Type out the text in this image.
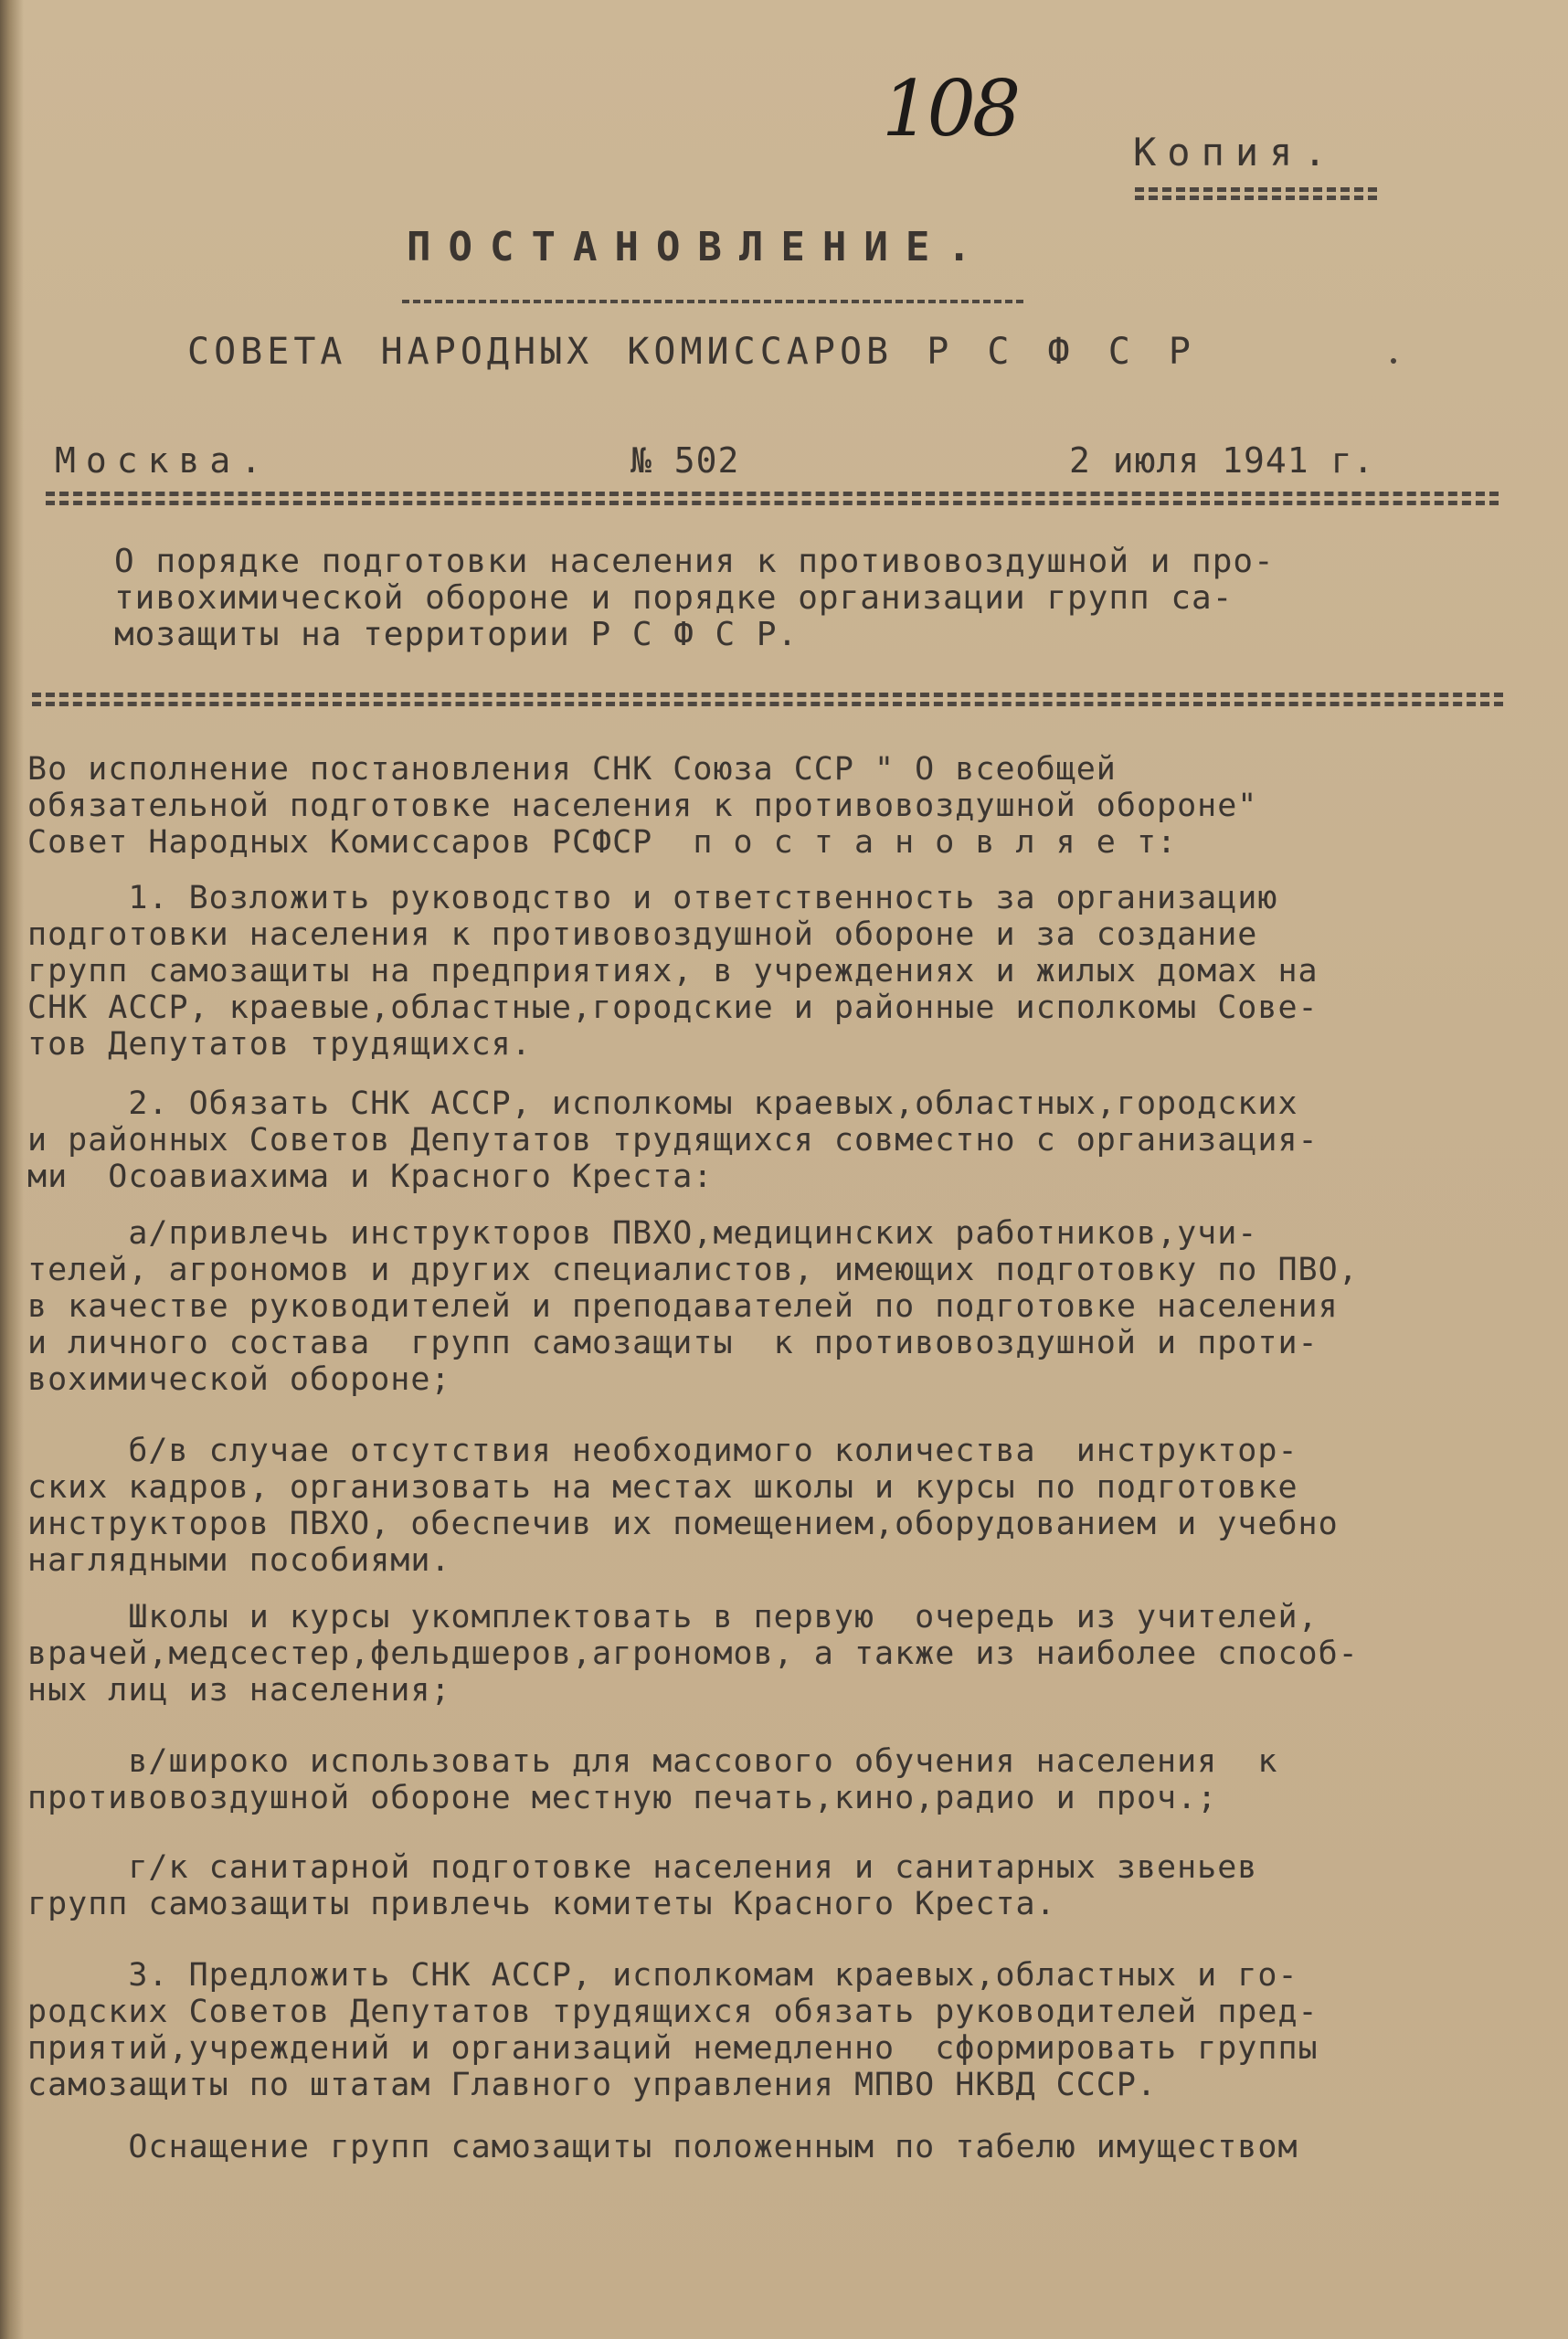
108	Копия.
ПОСТАНОВЛЕНИЕ.
СОВЕТА НАРОДНЫХ КОМИССАРОВ Р С Ф С Р
Москва.	№ 502	2 июля 1941 г.
О порядке подготовки населения к противовоздушной и про-
тивохимической обороне и порядке организации групп са-
мозащиты на территории Р С Ф С Р.
Во исполнение постановления СНК Союза ССР " О всеобщей
обязательной подготовке населения к противовоздушной обороне"
Совет Народных Комиссаров РСФСР  п о с т а н о в л я е т:
1. Возложить руководство и ответственность за организацию
подготовки населения к противовоздушной обороне и за создание
групп самозащиты на предприятиях, в учреждениях и жилых домах на
СНК АССР, краевые,областные,городские и районные исполкомы Сове-
тов Депутатов трудящихся.
2. Обязать СНК АССР, исполкомы краевых,областных,городских
и районных Советов Депутатов трудящихся совместно с организация-
ми  Осоавиахима и Красного Креста:
а/привлечь инструкторов ПВХО,медицинских работников,учи-
телей, агрономов и других специалистов, имеющих подготовку по ПВО,
в качестве руководителей и преподавателей по подготовке населения
и личного состава  групп самозащиты  к противовоздушной и проти-
вохимической обороне;
б/в случае отсутствия необходимого количества  инструктор-
ских кадров, организовать на местах школы и курсы по подготовке
инструкторов ПВХО, обеспечив их помещением,оборудованием и учебно
наглядными пособиями.
Школы и курсы укомплектовать в первую  очередь из учителей,
врачей,медсестер,фельдшеров,агрономов, а также из наиболее способ-
ных лиц из населения;
в/широко использовать для массового обучения населения  к
противовоздушной обороне местную печать,кино,радио и проч.;
г/к санитарной подготовке населения и санитарных звеньев
групп самозащиты привлечь комитеты Красного Креста.
3. Предложить СНК АССР, исполкомам краевых,областных и го-
родских Советов Депутатов трудящихся обязать руководителей пред-
приятий,учреждений и организаций немедленно  сформировать группы
самозащиты по штатам Главного управления МПВО НКВД СССР.
Оснащение групп самозащиты положенным по табелю имуществом
